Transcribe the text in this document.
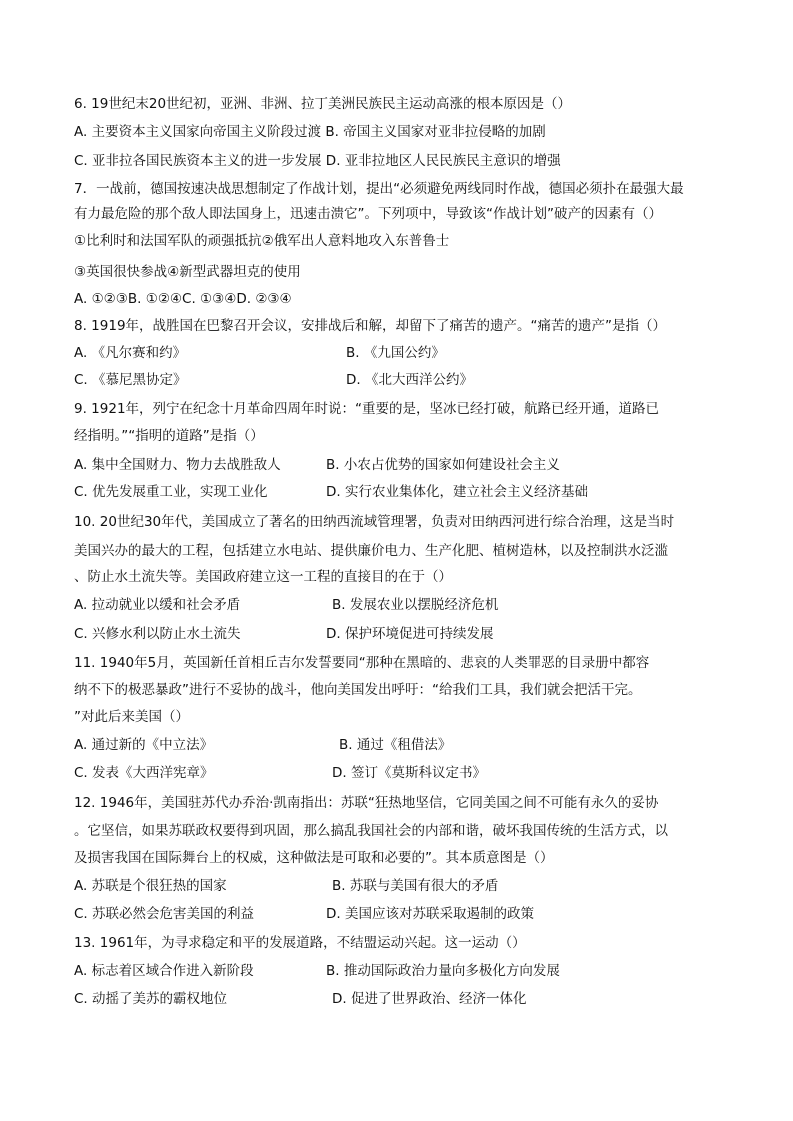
6. 19世纪末20世纪初，亚洲、非洲、拉丁美洲民族民主运动高涨的根本原因是（）
A. 主要资本主义国家向帝国主义阶段过渡 B. 帝国主义国家对亚非拉侵略的加剧
C. 亚非拉各国民族资本主义的进一步发展 D. 亚非拉地区人民民族民主意识的增强
7．一战前，德国按速决战思想制定了作战计划，提出“必须避免两线同时作战，德国必须扑在最强大最
有力最危险的那个敌人即法国身上，迅速击溃它”。下列项中，导致该“作战计划”破产的因素有（）
①比利时和法国军队的顽强抵抗②俄军出人意料地攻入东普鲁士
③英国很快参战④新型武器坦克的使用
A. ①②③B. ①②④C. ①③④D. ②③④
8. 1919年，战胜国在巴黎召开会议，安排战后和解，却留下了痛苦的遗产。“痛苦的遗产”是指（）
A. 《凡尔赛和约》	B. 《九国公约》
C. 《慕尼黑协定》	D. 《北大西洋公约》
9. 1921年，列宁在纪念十月革命四周年时说：“重要的是，坚冰已经打破，航路已经开通，道路已
经指明。”“指明的道路”是指（）
A. 集中全国财力、物力去战胜敌人	B. 小农占优势的国家如何建设社会主义
C. 优先发展重工业，实现工业化	D. 实行农业集体化，建立社会主义经济基础
10. 20世纪30年代，美国成立了著名的田纳西流域管理署，负责对田纳西河进行综合治理，这是当时
美国兴办的最大的工程，包括建立水电站、提供廉价电力、生产化肥、植树造林，以及控制洪水泛滥
、防止水土流失等。美国政府建立这一工程的直接目的在于（）
A. 拉动就业以缓和社会矛盾	B. 发展农业以摆脱经济危机
C. 兴修水利以防止水土流失	D. 保护环境促进可持续发展
11. 1940年5月，英国新任首相丘吉尔发誓要同“那种在黑暗的、悲哀的人类罪恶的目录册中都容
纳不下的极恶暴政”进行不妥协的战斗，他向美国发出呼吁：“给我们工具，我们就会把活干完。
”对此后来美国（）
A. 通过新的《中立法》	B. 通过《租借法》
C. 发表《大西洋宪章》	D. 签订《莫斯科议定书》
12. 1946年，美国驻苏代办乔治·凯南指出：苏联“狂热地坚信，它同美国之间不可能有永久的妥协
。它坚信，如果苏联政权要得到巩固，那么搞乱我国社会的内部和谐，破坏我国传统的生活方式，以
及损害我国在国际舞台上的权威，这种做法是可取和必要的”。其本质意图是（）
A. 苏联是个很狂热的国家	B. 苏联与美国有很大的矛盾
C. 苏联必然会危害美国的利益	D. 美国应该对苏联采取遏制的政策
13. 1961年，为寻求稳定和平的发展道路，不结盟运动兴起。这一运动（）
A. 标志着区域合作进入新阶段	B. 推动国际政治力量向多极化方向发展
C. 动摇了美苏的霸权地位	D. 促进了世界政治、经济一体化
